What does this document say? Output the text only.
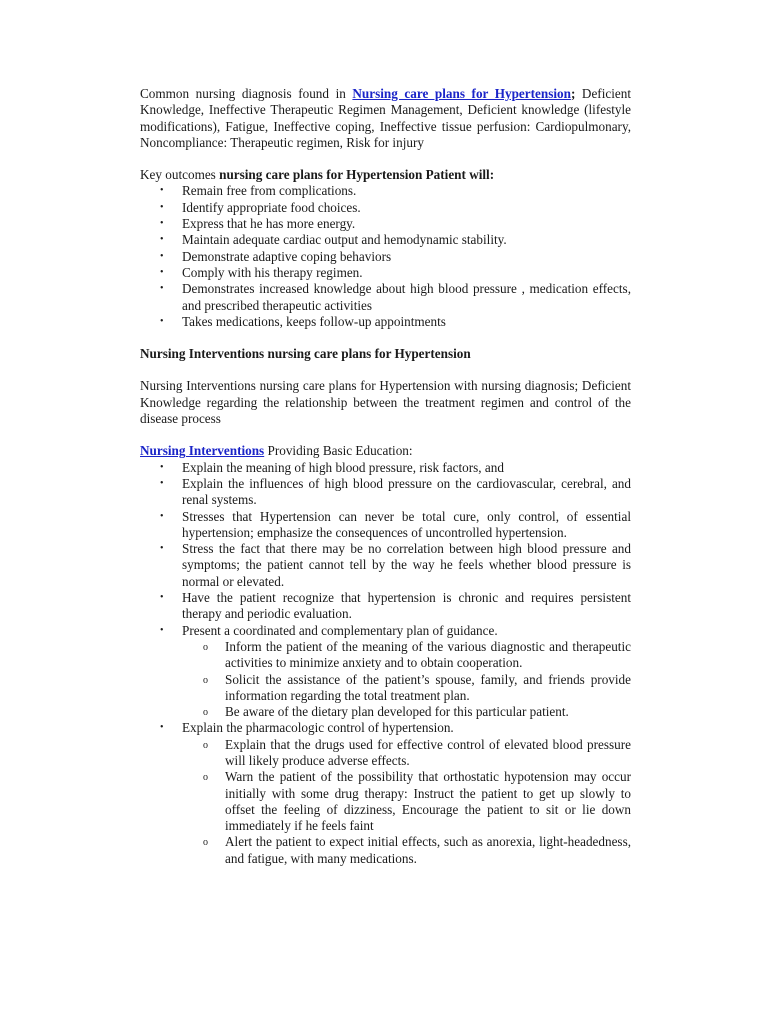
Common nursing diagnosis found in Nursing care plans for Hypertension; Deficient Knowledge, Ineffective Therapeutic Regimen Management, Deficient knowledge (lifestyle modifications), Fatigue, Ineffective coping, Ineffective tissue perfusion: Cardiopulmonary, Noncompliance: Therapeutic regimen, Risk for injury

Key outcomes nursing care plans for Hypertension Patient will:

• Remain free from complications.
• Identify appropriate food choices.
• Express that he has more energy.
• Maintain adequate cardiac output and hemodynamic stability.
• Demonstrate adaptive coping behaviors
• Comply with his therapy regimen.
• Demonstrates increased knowledge about high blood pressure , medication effects, and prescribed therapeutic activities
• Takes medications, keeps follow-up appointments

Nursing Interventions nursing care plans for Hypertension

Nursing Interventions nursing care plans for Hypertension with nursing diagnosis; Deficient Knowledge regarding the relationship between the treatment regimen and control of the disease process

Nursing Interventions Providing Basic Education:

• Explain the meaning of high blood pressure, risk factors, and
• Explain the influences of high blood pressure on the cardiovascular, cerebral, and renal systems.
• Stresses that Hypertension can never be total cure, only control, of essential hypertension; emphasize the consequences of uncontrolled hypertension.
• Stress the fact that there may be no correlation between high blood pressure and symptoms; the patient cannot tell by the way he feels whether blood pressure is normal or elevated.
• Have the patient recognize that hypertension is chronic and requires persistent therapy and periodic evaluation.
• Present a coordinated and complementary plan of guidance.
o Inform the patient of the meaning of the various diagnostic and therapeutic activities to minimize anxiety and to obtain cooperation.
o Solicit the assistance of the patient’s spouse, family, and friends provide information regarding the total treatment plan.
o Be aware of the dietary plan developed for this particular patient.
• Explain the pharmacologic control of hypertension.
o Explain that the drugs used for effective control of elevated blood pressure will likely produce adverse effects.
o Warn the patient of the possibility that orthostatic hypotension may occur initially with some drug therapy: Instruct the patient to get up slowly to offset the feeling of dizziness, Encourage the patient to sit or lie down immediately if he feels faint
o Alert the patient to expect initial effects, such as anorexia, light-headedness, and fatigue, with many medications.
